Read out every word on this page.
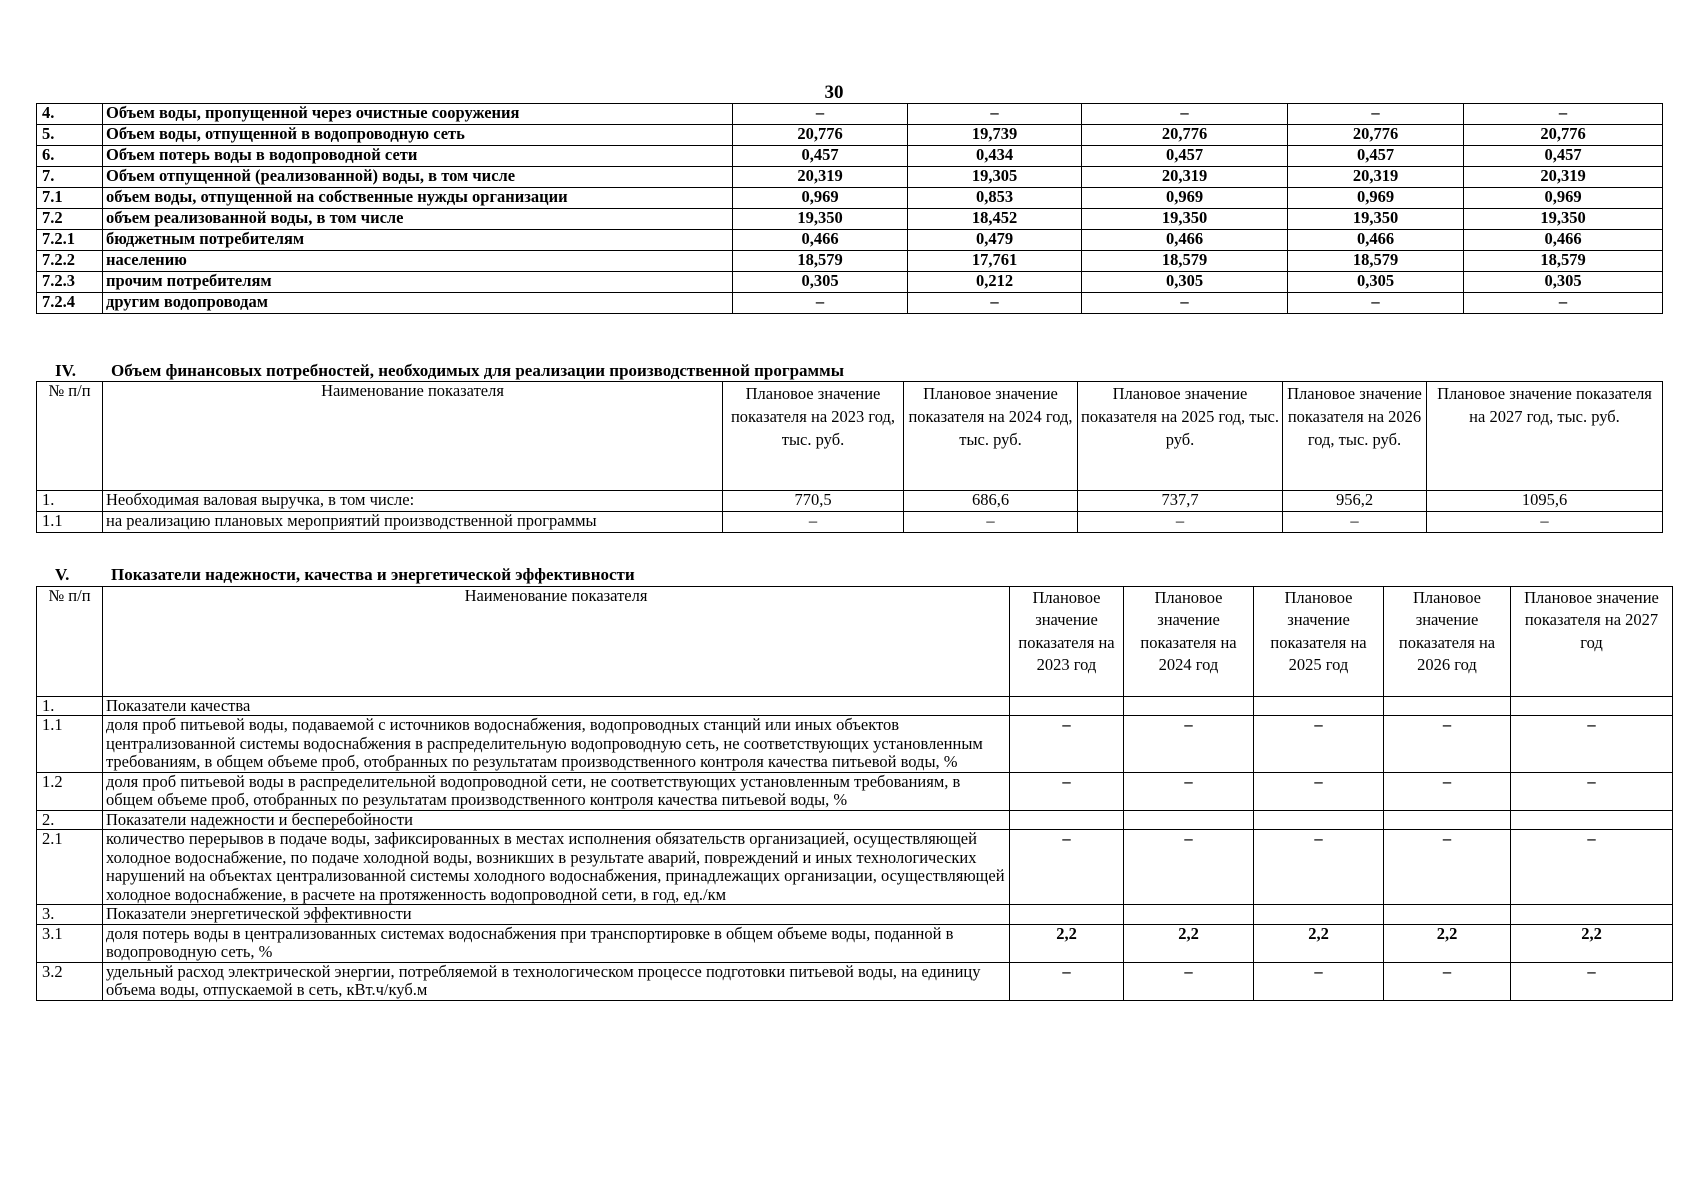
30
4.	Объем воды, пропущенной через очистные сооружения	–	–	–	–	–
5.	Объем воды, отпущенной в водопроводную сеть	20,776	19,739	20,776	20,776	20,776
6.	Объем потерь воды в водопроводной сети	0,457	0,434	0,457	0,457	0,457
7.	Объем отпущенной (реализованной) воды, в том числе	20,319	19,305	20,319	20,319	20,319
7.1	объем воды, отпущенной на собственные нужды организации	0,969	0,853	0,969	0,969	0,969
7.2	объем реализованной воды, в том числе	19,350	18,452	19,350	19,350	19,350
7.2.1	бюджетным потребителям	0,466	0,479	0,466	0,466	0,466
7.2.2	населению	18,579	17,761	18,579	18,579	18,579
7.2.3	прочим потребителям	0,305	0,212	0,305	0,305	0,305
7.2.4	другим водопроводам	–	–	–	–	–
IV. Объем финансовых потребностей, необходимых для реализации производственной программы
№ п/п	Наименование показателя	Плановое значение показателя на 2023 год, тыс. руб.	Плановое значение показателя на 2024 год, тыс. руб.	Плановое значение показателя на 2025 год, тыс. руб.	Плановое значение показателя на 2026 год, тыс. руб.	Плановое значение показателя на 2027 год, тыс. руб.
1.	Необходимая валовая выручка, в том числе:	770,5	686,6	737,7	956,2	1095,6
1.1	на реализацию плановых мероприятий производственной программы	–	–	–	–	–
V. Показатели надежности, качества и энергетической эффективности
№ п/п	Наименование показателя	Плановое значение показателя на 2023 год	Плановое значение показателя на 2024 год	Плановое значение показателя на 2025 год	Плановое значение показателя на 2026 год	Плановое значение показателя на 2027 год
1.	Показатели качества					
1.1	доля проб питьевой воды, подаваемой с источников водоснабжения, водопроводных станций или иных объектов централизованной системы водоснабжения в распределительную водопроводную сеть, не соответствующих установленным требованиям, в общем объеме проб, отобранных по результатам производственного контроля качества питьевой воды, %	–	–	–	–	–
1.2	доля проб питьевой воды в распределительной водопроводной сети, не соответствующих установленным требованиям, в общем объеме проб, отобранных по результатам производственного контроля качества питьевой воды, %	–	–	–	–	–
2.	Показатели надежности и бесперебойности					
2.1	количество перерывов в подаче воды, зафиксированных в местах исполнения обязательств организацией, осуществляющей холодное водоснабжение, по подаче холодной воды, возникших в результате аварий, повреждений и иных технологических нарушений на объектах централизованной системы холодного водоснабжения, принадлежащих организации, осуществляющей холодное водоснабжение, в расчете на протяженность водопроводной сети, в год, ед./км	–	–	–	–	–
3.	Показатели энергетической эффективности					
3.1	доля потерь воды в централизованных системах водоснабжения при транспортировке в общем объеме воды, поданной в водопроводную сеть, %	2,2	2,2	2,2	2,2	2,2
3.2	удельный расход электрической энергии, потребляемой в технологическом процессе подготовки питьевой воды, на единицу объема воды, отпускаемой в сеть, кВт.ч/куб.м	–	–	–	–	–
